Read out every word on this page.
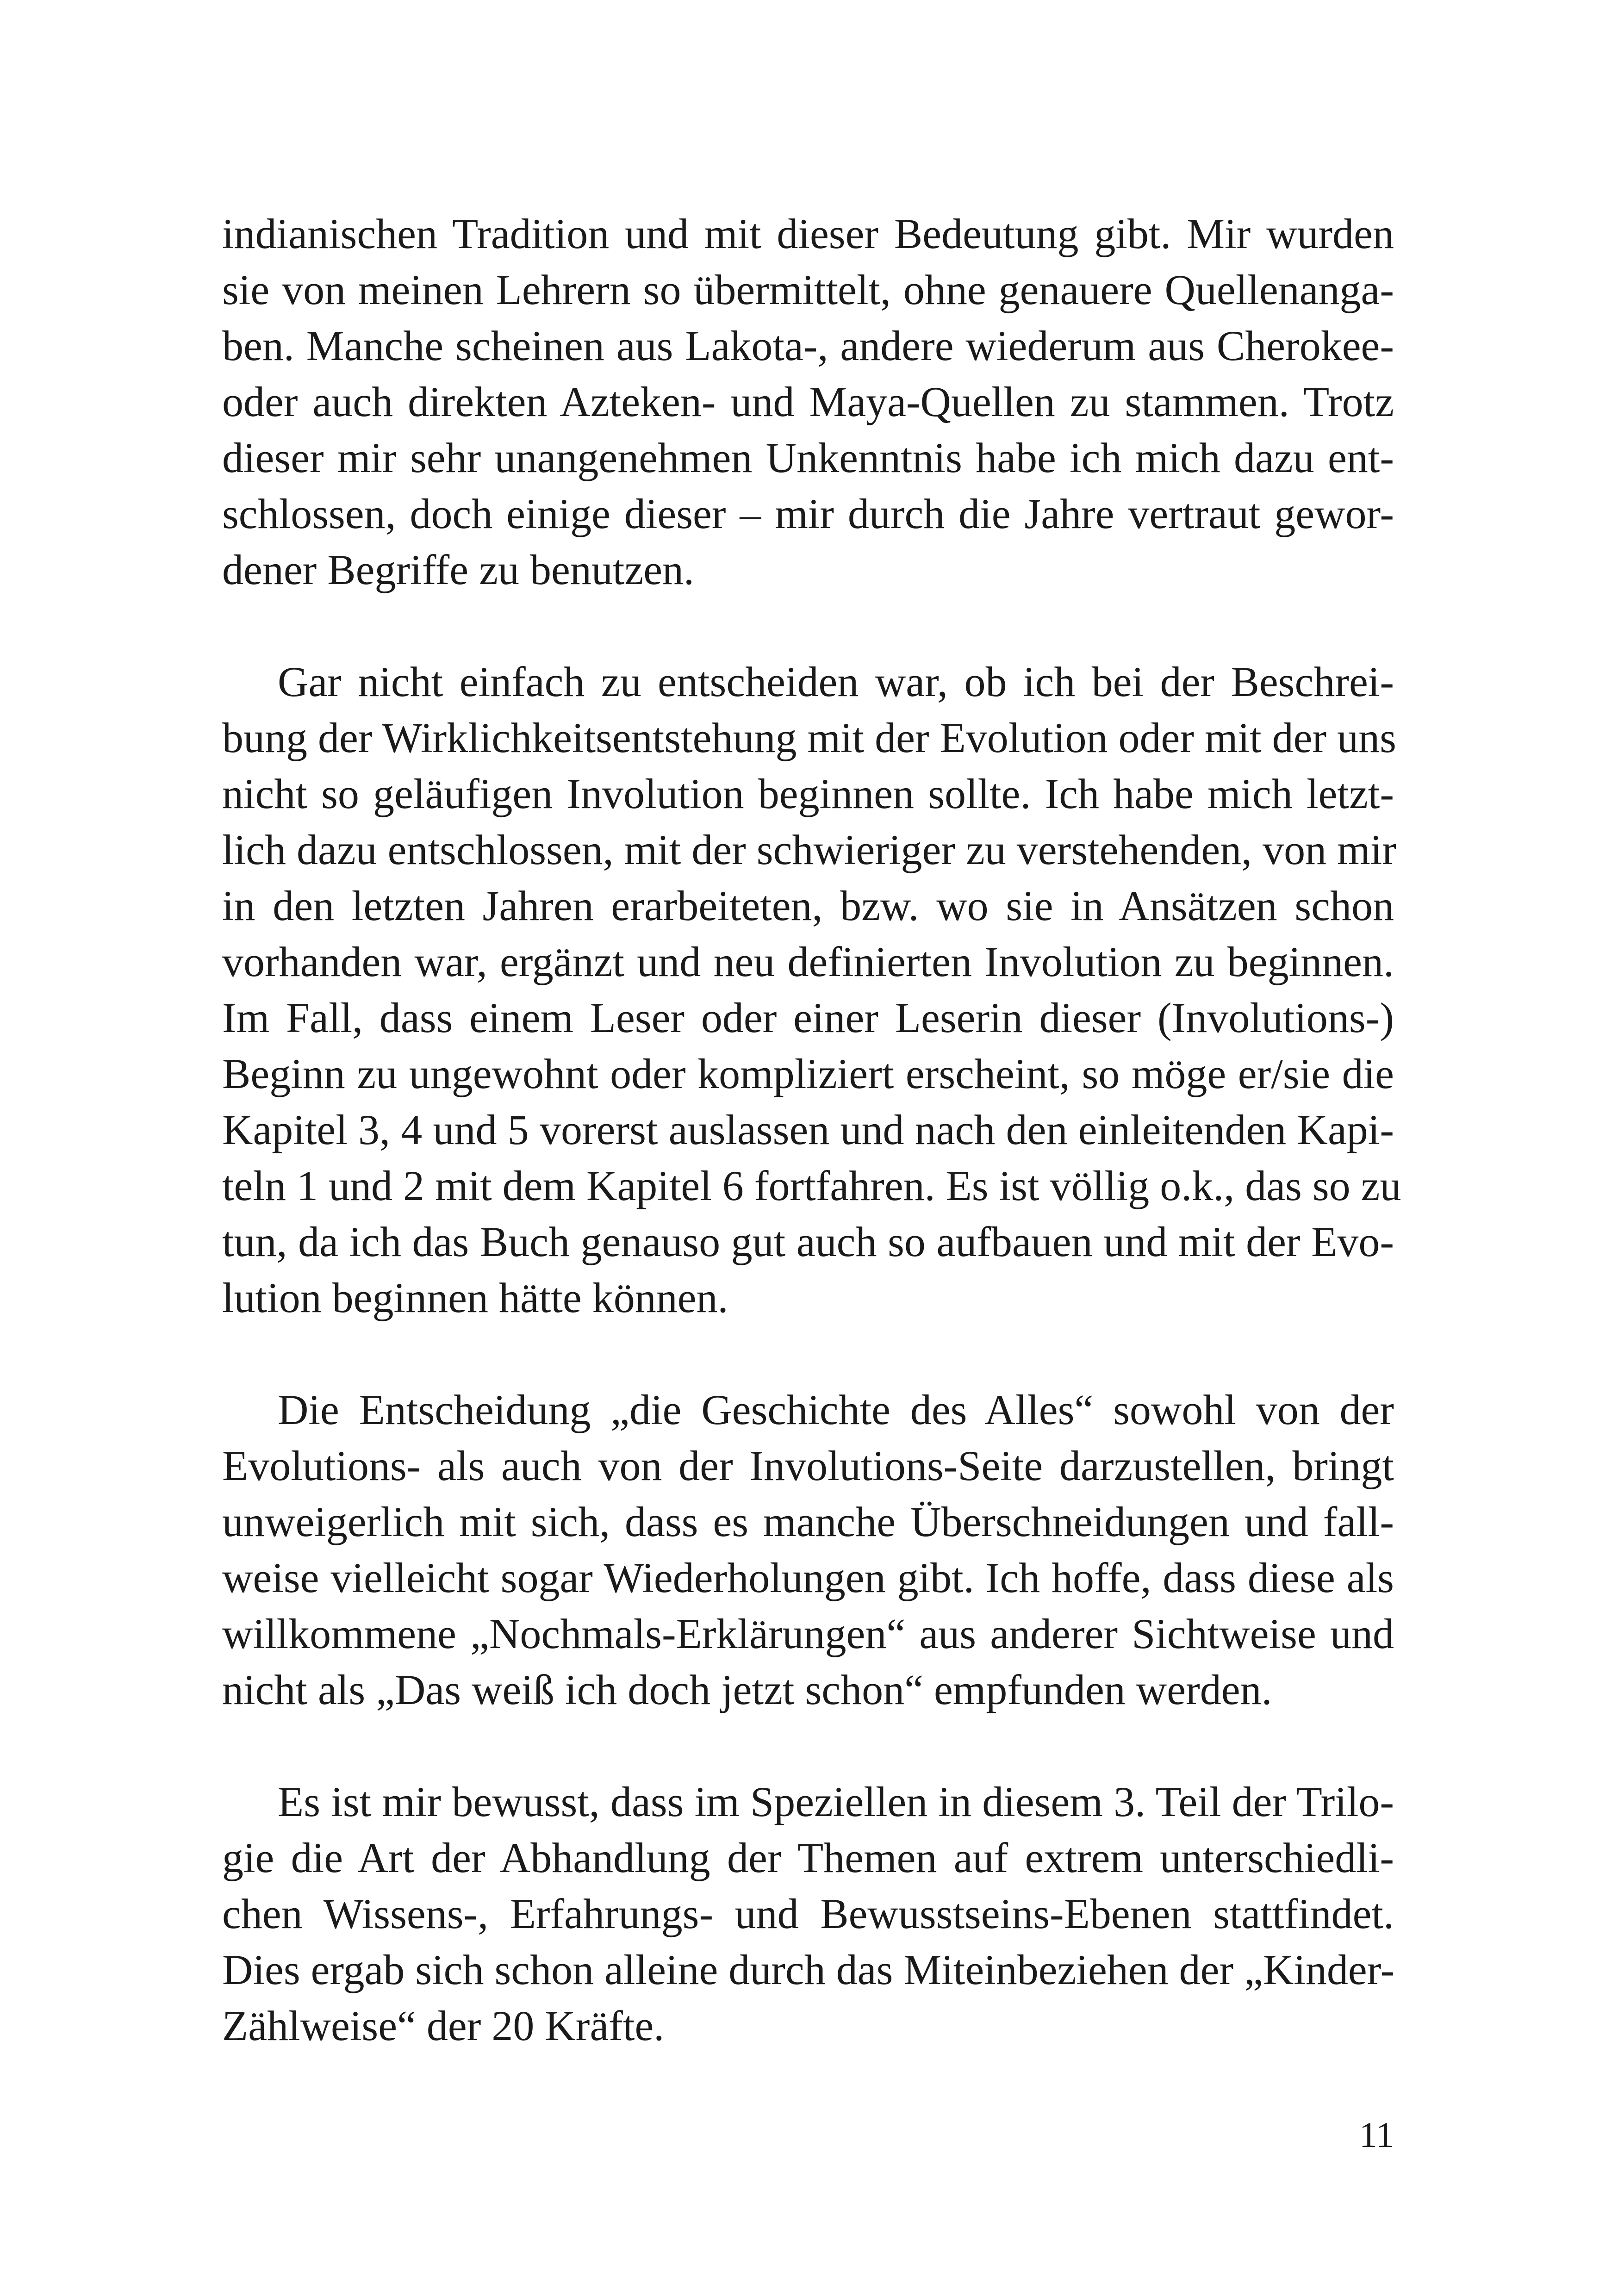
indianischen Tradition und mit dieser Bedeutung gibt. Mir wurden
sie von meinen Lehrern so übermittelt, ohne genauere Quellenanga-
ben. Manche scheinen aus Lakota-, andere wiederum aus Cherokee-
oder auch direkten Azteken- und Maya-Quellen zu stammen. Trotz
dieser mir sehr unangenehmen Unkenntnis habe ich mich dazu ent-
schlossen, doch einige dieser – mir durch die Jahre vertraut gewor-
dener Begriffe zu benutzen.
Gar nicht einfach zu entscheiden war, ob ich bei der Beschrei-
bung der Wirklichkeitsentstehung mit der Evolution oder mit der uns
nicht so geläufigen Involution beginnen sollte. Ich habe mich letzt-
lich dazu entschlossen, mit der schwieriger zu verstehenden, von mir
in den letzten Jahren erarbeiteten, bzw. wo sie in Ansätzen schon
vorhanden war, ergänzt und neu definierten Involution zu beginnen.
Im Fall, dass einem Leser oder einer Leserin dieser (Involutions-)
Beginn zu ungewohnt oder kompliziert erscheint, so möge er/sie die
Kapitel 3, 4 und 5 vorerst auslassen und nach den einleitenden Kapi-
teln 1 und 2 mit dem Kapitel 6 fortfahren. Es ist völlig o.k., das so zu
tun, da ich das Buch genauso gut auch so aufbauen und mit der Evo-
lution beginnen hätte können.
Die Entscheidung „die Geschichte des Alles“ sowohl von der
Evolutions- als auch von der Involutions-Seite darzustellen, bringt
unweigerlich mit sich, dass es manche Überschneidungen und fall-
weise vielleicht sogar Wiederholungen gibt. Ich hoffe, dass diese als
willkommene „Nochmals-Erklärungen“ aus anderer Sichtweise und
nicht als „Das weiß ich doch jetzt schon“ empfunden werden.
Es ist mir bewusst, dass im Speziellen in diesem 3. Teil der Trilo-
gie die Art der Abhandlung der Themen auf extrem unterschiedli-
chen Wissens-, Erfahrungs- und Bewusstseins-Ebenen stattfindet.
Dies ergab sich schon alleine durch das Miteinbeziehen der „Kinder-
Zählweise“ der 20 Kräfte.
11
